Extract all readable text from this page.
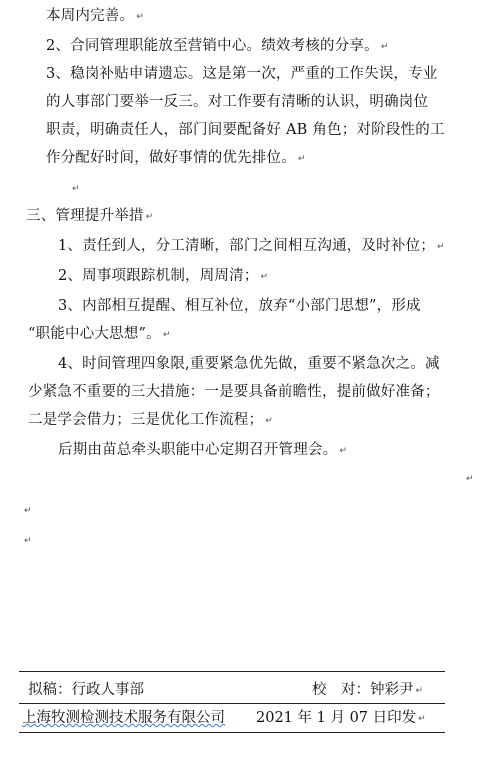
本周内完善。 ↵
2、合同管理职能放至营销中心。绩效考核的分享。 ↵
3、稳岗补贴申请遗忘。这是第一次，严重的工作失误，专业
的人事部门要举一反三。对工作要有清晰的认识，明确岗位
职责，明确责任人，部门间要配备好 AB 角色；对阶段性的工
作分配好时间，做好事情的优先排位。 ↵
↵
三、管理提升举措 ↵
1、责任到人，分工清晰，部门之间相互沟通，及时补位； ↵
2、周事项跟踪机制，周周清； ↵
3、内部相互提醒、相互补位，放弃“小部门思想”，形成
“职能中心大思想”。 ↵
4、时间管理四象限,重要紧急优先做，重要不紧急次之。减
少紧急不重要的三大措施：一是要具备前瞻性，提前做好准备；
二是学会借力；三是优化工作流程； ↵
后期由苗总牵头职能中心定期召开管理会。 ↵
↵
↵
↵
拟稿：行政人事部	校　对：钟彩尹 ↵
上海牧测检测技术服务有限公司 2021 年 1 月 07 日印发 ↵
